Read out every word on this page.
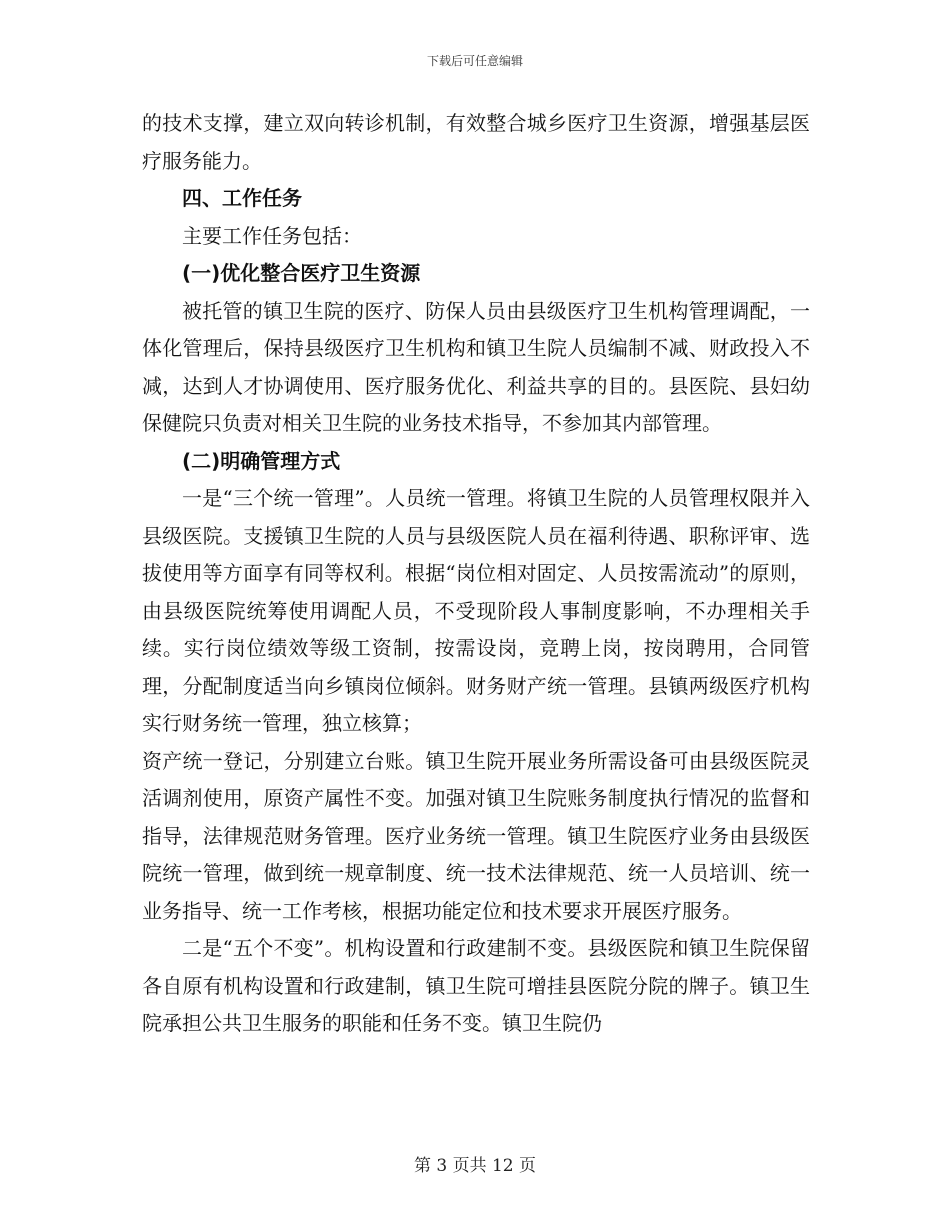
下载后可任意编辑

的技术支撑，建立双向转诊机制，有效整合城乡医疗卫生资源，增强基层医疗服务能力。

四、工作任务

主要工作任务包括：

(一)优化整合医疗卫生资源

被托管的镇卫生院的医疗、防保人员由县级医疗卫生机构管理调配，一体化管理后，保持县级医疗卫生机构和镇卫生院人员编制不减、财政投入不减，达到人才协调使用、医疗服务优化、利益共享的目的。县医院、县妇幼保健院只负责对相关卫生院的业务技术指导，不参加其内部管理。

(二)明确管理方式

一是“三个统一管理”。人员统一管理。将镇卫生院的人员管理权限并入县级医院。支援镇卫生院的人员与县级医院人员在福利待遇、职称评审、选拔使用等方面享有同等权利。根据“岗位相对固定、人员按需流动”的原则，由县级医院统筹使用调配人员，不受现阶段人事制度影响，不办理相关手续。实行岗位绩效等级工资制，按需设岗，竞聘上岗，按岗聘用，合同管理，分配制度适当向乡镇岗位倾斜。财务财产统一管理。县镇两级医疗机构实行财务统一管理，独立核算；

资产统一登记，分别建立台账。镇卫生院开展业务所需设备可由县级医院灵活调剂使用，原资产属性不变。加强对镇卫生院账务制度执行情况的监督和指导，法律规范财务管理。医疗业务统一管理。镇卫生院医疗业务由县级医院统一管理，做到统一规章制度、统一技术法律规范、统一人员培训、统一业务指导、统一工作考核，根据功能定位和技术要求开展医疗服务。

二是“五个不变”。机构设置和行政建制不变。县级医院和镇卫生院保留各自原有机构设置和行政建制，镇卫生院可增挂县医院分院的牌子。镇卫生院承担公共卫生服务的职能和任务不变。镇卫生院仍

第 3 页共 12 页
